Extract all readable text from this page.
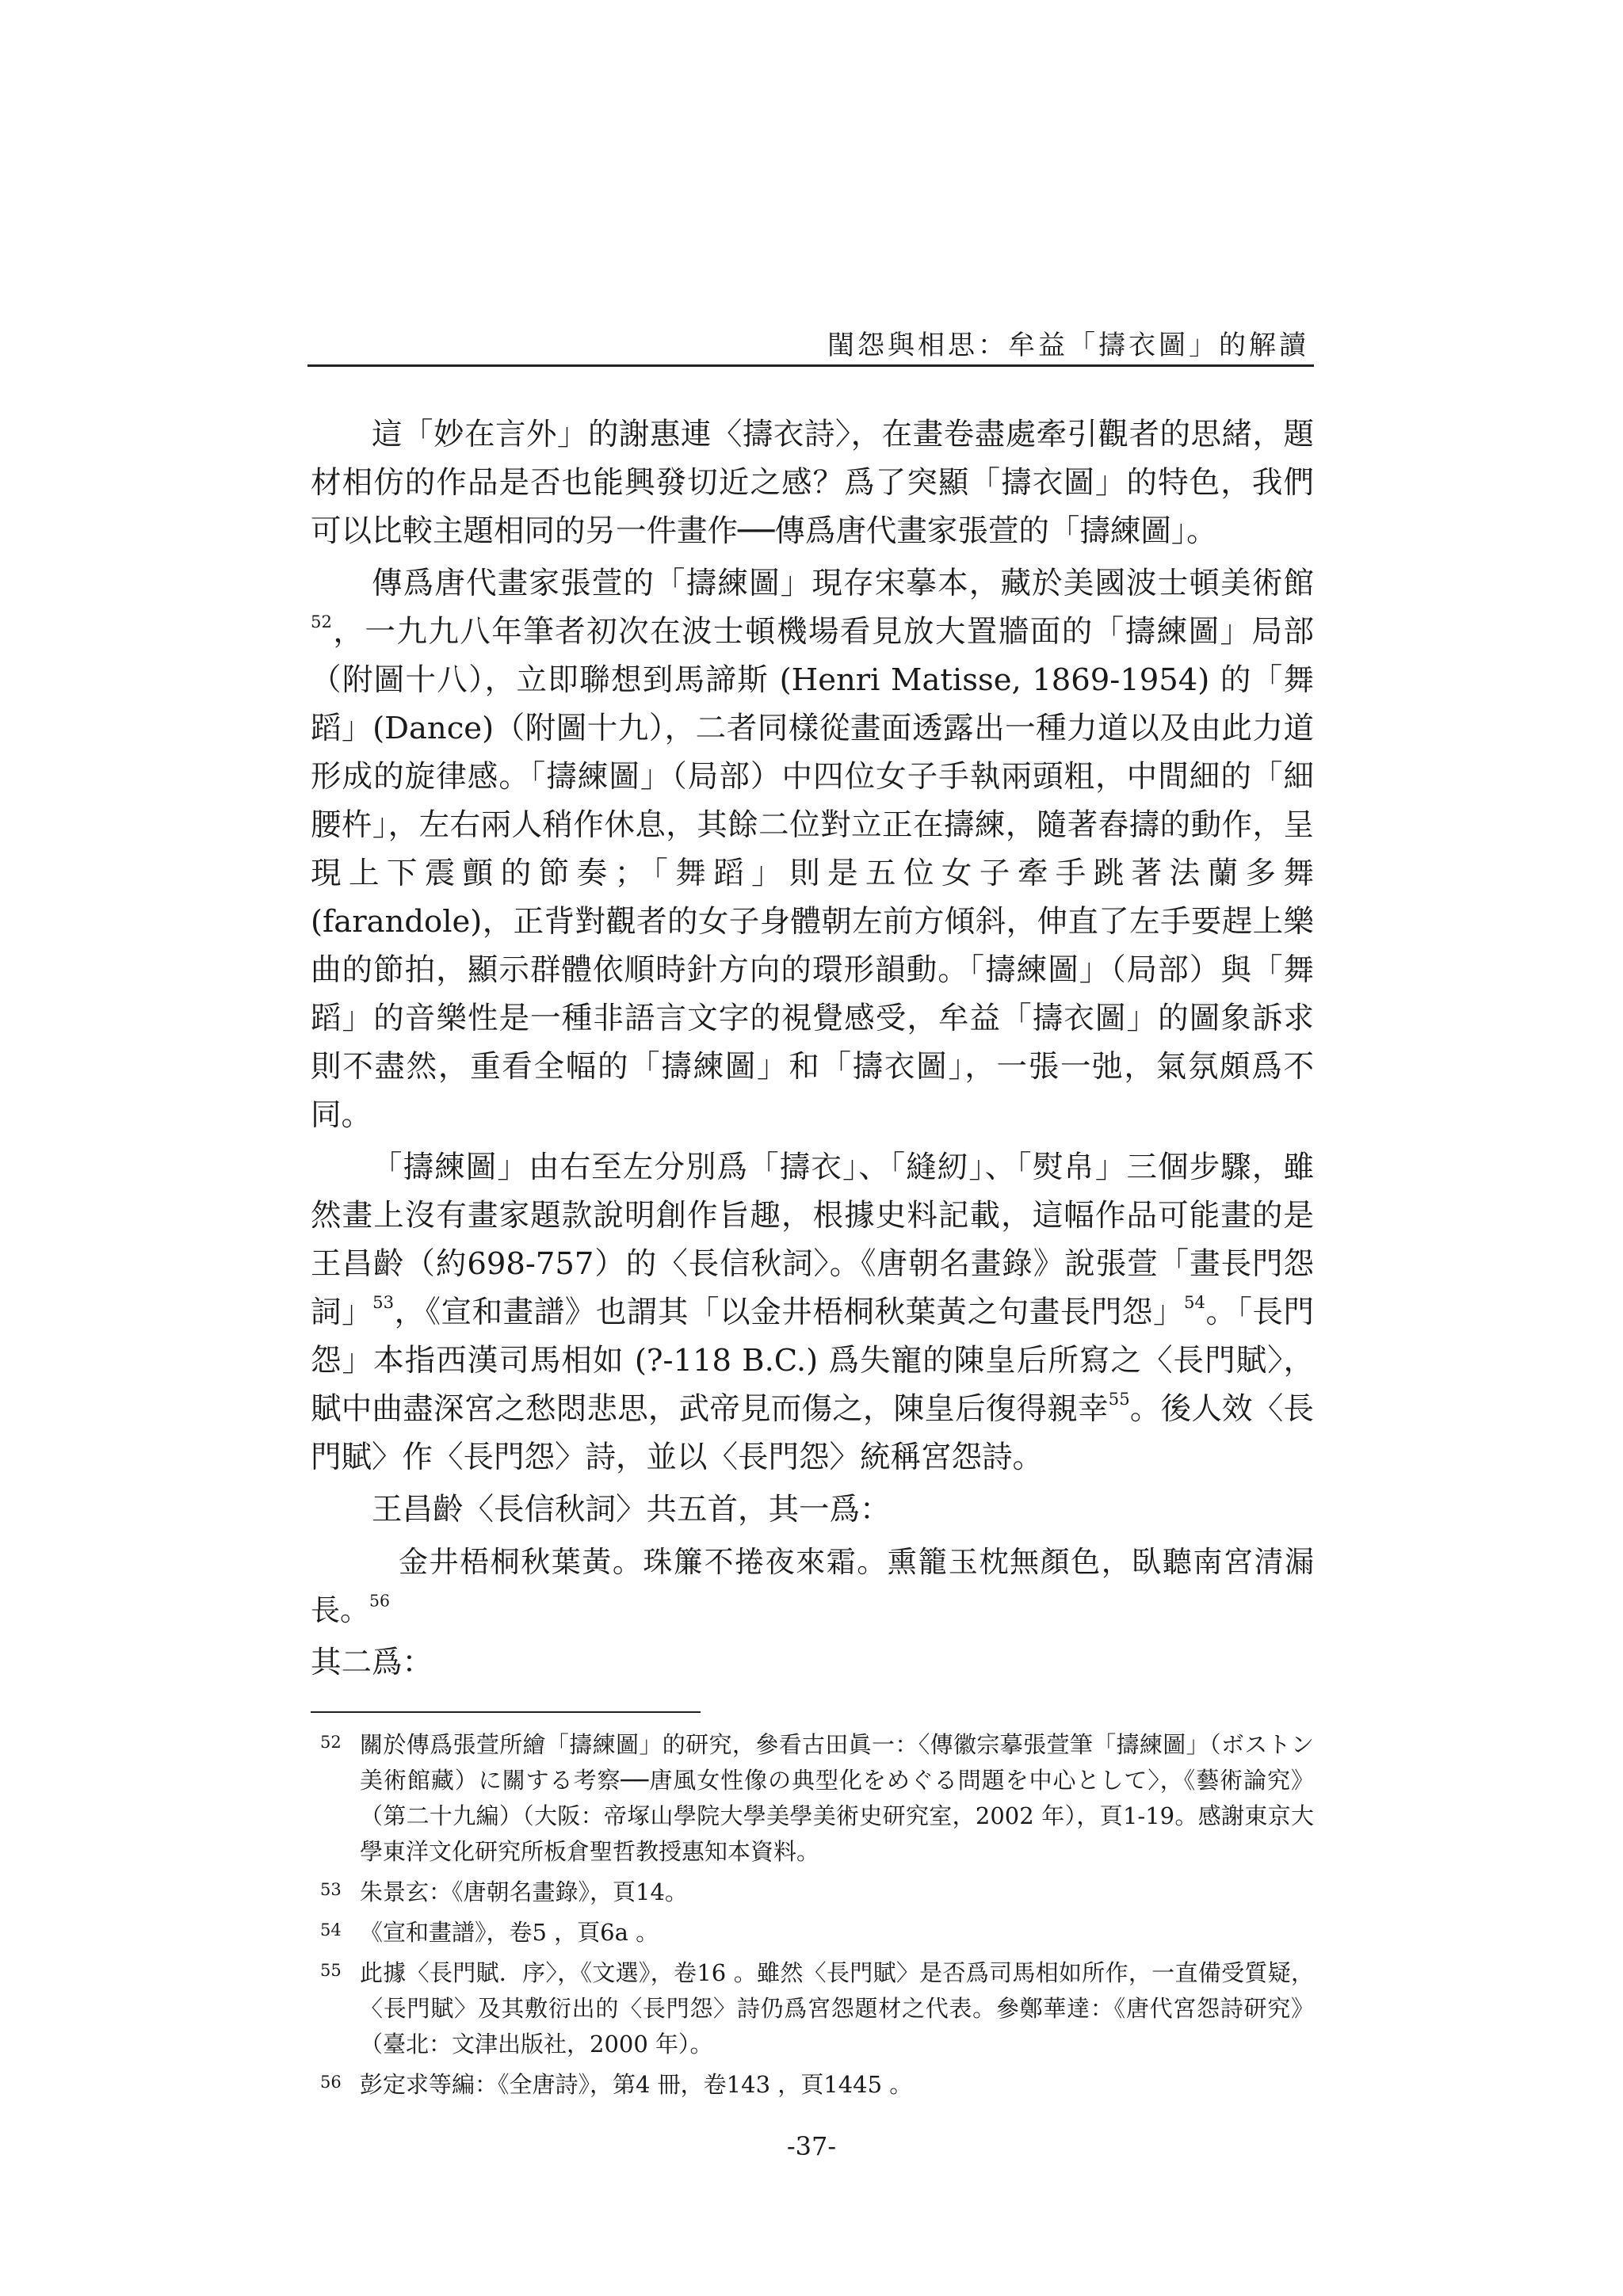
閨怨與相思：牟益「擣衣圖」的解讀

這「妙在言外」的謝惠連〈擣衣詩〉，在畫卷盡處牽引觀者的思緒，題材相仿的作品是否也能興發切近之感？爲了突顯「擣衣圖」的特色，我們可以比較主題相同的另一件畫作──傳爲唐代畫家張萱的「擣練圖」。

傳爲唐代畫家張萱的「擣練圖」現存宋摹本，藏於美國波士頓美術館$^{52}$，一九九八年筆者初次在波士頓機場看見放大置牆面的「擣練圖」局部（附圖十八），立即聯想到馬諦斯 (Henri Matisse, 1869-1954) 的「舞蹈」(Dance)（附圖十九），二者同樣從畫面透露出一種力道以及由此力道形成的旋律感。「擣練圖」（局部）中四位女子手執兩頭粗，中間細的「細腰杵」，左右兩人稍作休息，其餘二位對立正在擣練，隨著舂擣的動作，呈現上下震顫的節奏；「舞蹈」則是五位女子牽手跳著法蘭多舞 (farandole)，正背對觀者的女子身體朝左前方傾斜，伸直了左手要趕上樂曲的節拍，顯示群體依順時針方向的環形韻動。「擣練圖」（局部）與「舞蹈」的音樂性是一種非語言文字的視覺感受，牟益「擣衣圖」的圖象訴求則不盡然，重看全幅的「擣練圖」和「擣衣圖」，一張一弛，氣氛頗爲不同。

「擣練圖」由右至左分別爲「擣衣」、「縫紉」、「熨帛」三個步驟，雖然畫上沒有畫家題款說明創作旨趣，根據史料記載，這幅作品可能畫的是王昌齡（約698-757）的〈長信秋詞〉。《唐朝名畫錄》說張萱「畫長門怨詞」$^{53}$，《宣和畫譜》也謂其「以金井梧桐秋葉黃之句畫長門怨」$^{54}$。「長門怨」本指西漢司馬相如 (?-118 B.C.) 爲失寵的陳皇后所寫之〈長門賦〉，賦中曲盡深宮之愁悶悲思，武帝見而傷之，陳皇后復得親幸$^{55}$。後人效〈長門賦〉作〈長門怨〉詩，並以〈長門怨〉統稱宮怨詩。

王昌齡〈長信秋詞〉共五首，其一爲：

金井梧桐秋葉黃。珠簾不捲夜來霜。熏籠玉枕無顏色，臥聽南宮清漏長。$^{56}$

其二爲：

52 關於傳爲張萱所繪「擣練圖」的研究，參看古田眞一：〈傳徽宗摹張萱筆「擣練圖」（ボストン美術館藏）に關する考察──唐風女性像の典型化をめぐる問題を中心として〉，《藝術論究》（第二十九編）（大阪：帝塚山學院大學美學美術史研究室，2002 年），頁1-19。感謝東京大學東洋文化研究所板倉聖哲教授惠知本資料。
53 朱景玄：《唐朝名畫錄》，頁14。
54 《宣和畫譜》，卷5 ，頁6a 。
55 此據〈長門賦．序〉，《文選》，卷16 。雖然〈長門賦〉是否爲司馬相如所作，一直備受質疑，〈長門賦〉及其敷衍出的〈長門怨〉詩仍爲宮怨題材之代表。參鄭華達：《唐代宮怨詩研究》（臺北：文津出版社，2000 年）。
56 彭定求等編：《全唐詩》，第4 冊，卷143 ，頁1445 。
-37-
